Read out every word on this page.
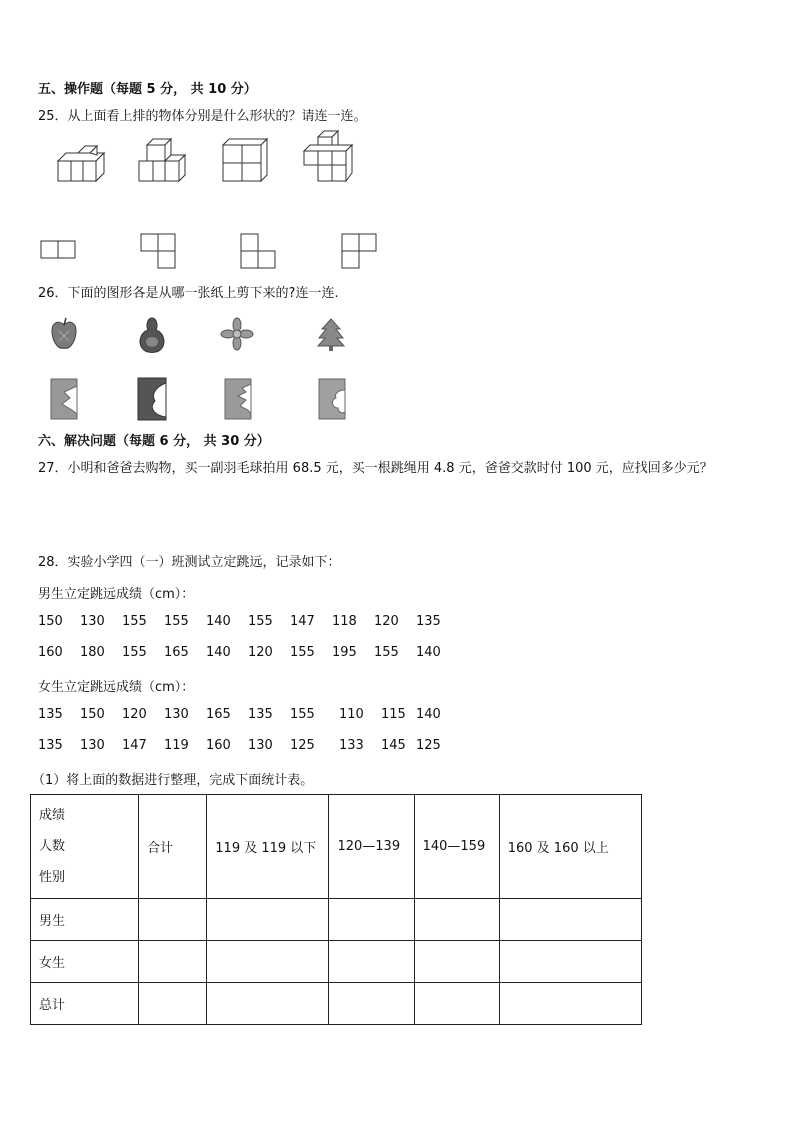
五、操作题（每题 5 分， 共 10 分）
25．从上面看上排的物体分别是什么形状的？请连一连。
26．下面的图形各是从哪一张纸上剪下来的?连一连.
六、解决问题（每题 6 分， 共 30 分）
27．小明和爸爸去购物，买一副羽毛球拍用 68.5 元，买一根跳绳用 4.8 元，爸爸交款时付 100 元，应找回多少元？
28．实验小学四（一）班测试立定跳远，记录如下：
男生立定跳远成绩（cm）：
150 130 155 155 140 155 147 118 120 135
160 180 155 165 140 120 155 195 155 140
女生立定跳远成绩（cm）：
135 150 120 130 165 135 155 110 115 140
135 130 147 119 160 130 125 133 145 125
（1）将上面的数据进行整理，完成下面统计表。
成绩
人数
性别	合计	119 及 119 以下	120—139	140—159	160 及 160 以上
男生					
女生					
总计					
